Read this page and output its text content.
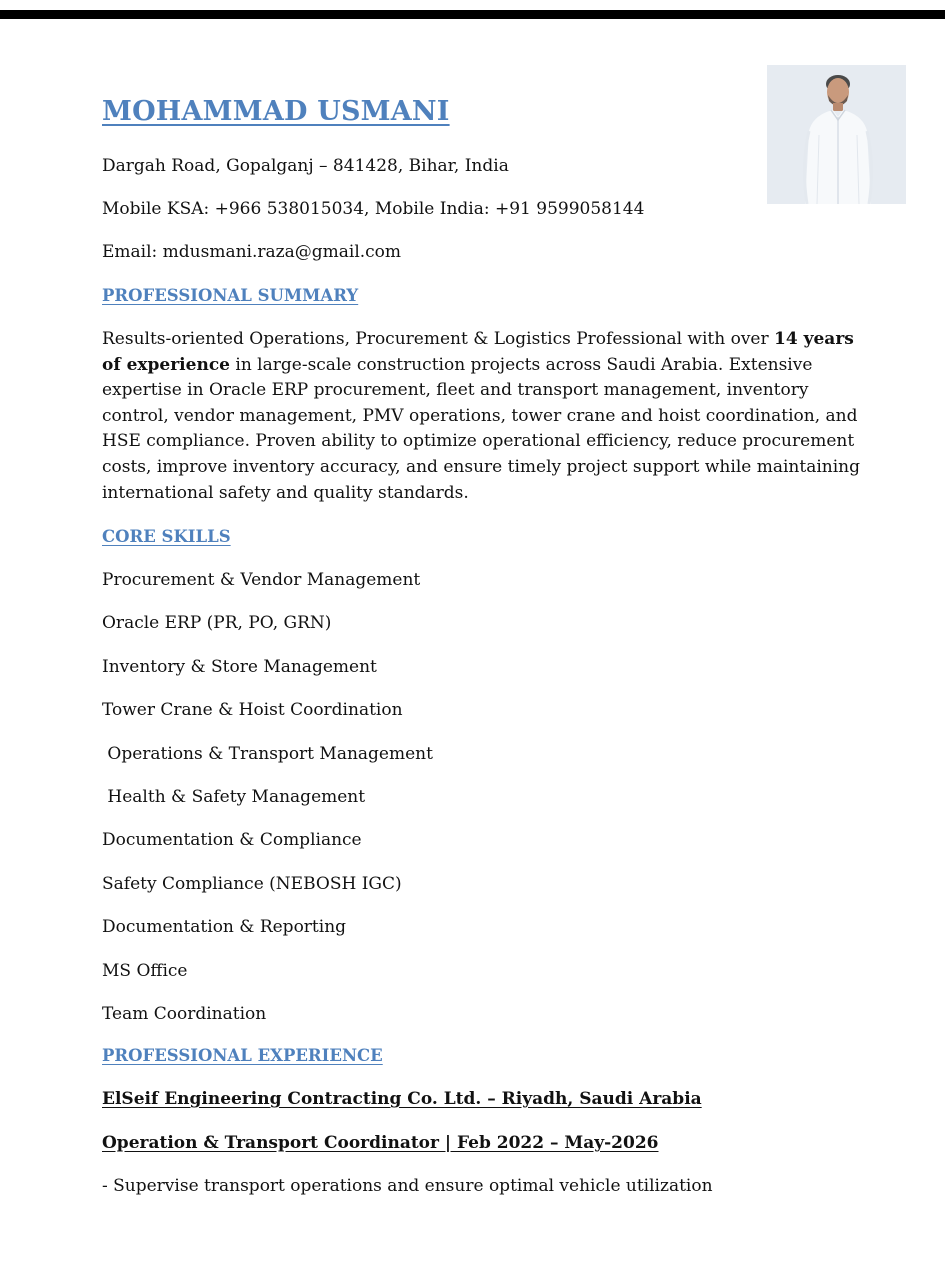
MOHAMMAD USMANI
Dargah Road, Gopalganj – 841428, Bihar, India
Mobile KSA: +966 538015034, Mobile India: +91 9599058144
Email: mdusmani.raza@gmail.com
PROFESSIONAL SUMMARY
Results-oriented Operations, Procurement & Logistics Professional with over 14 years of experience in large-scale construction projects across Saudi Arabia. Extensive expertise in Oracle ERP procurement, fleet and transport management, inventory control, vendor management, PMV operations, tower crane and hoist coordination, and HSE compliance. Proven ability to optimize operational efficiency, reduce procurement costs, improve inventory accuracy, and ensure timely project support while maintaining international safety and quality standards.
CORE SKILLS
Procurement & Vendor Management
Oracle ERP (PR, PO, GRN)
Inventory & Store Management
Tower Crane & Hoist Coordination
Operations & Transport Management
Health & Safety Management
Documentation & Compliance
Safety Compliance (NEBOSH IGC)
Documentation & Reporting
MS Office
Team Coordination
PROFESSIONAL EXPERIENCE
ElSeif Engineering Contracting Co. Ltd. – Riyadh, Saudi Arabia
Operation & Transport Coordinator | Feb 2022 – May-2026
- Supervise transport operations and ensure optimal vehicle utilization
